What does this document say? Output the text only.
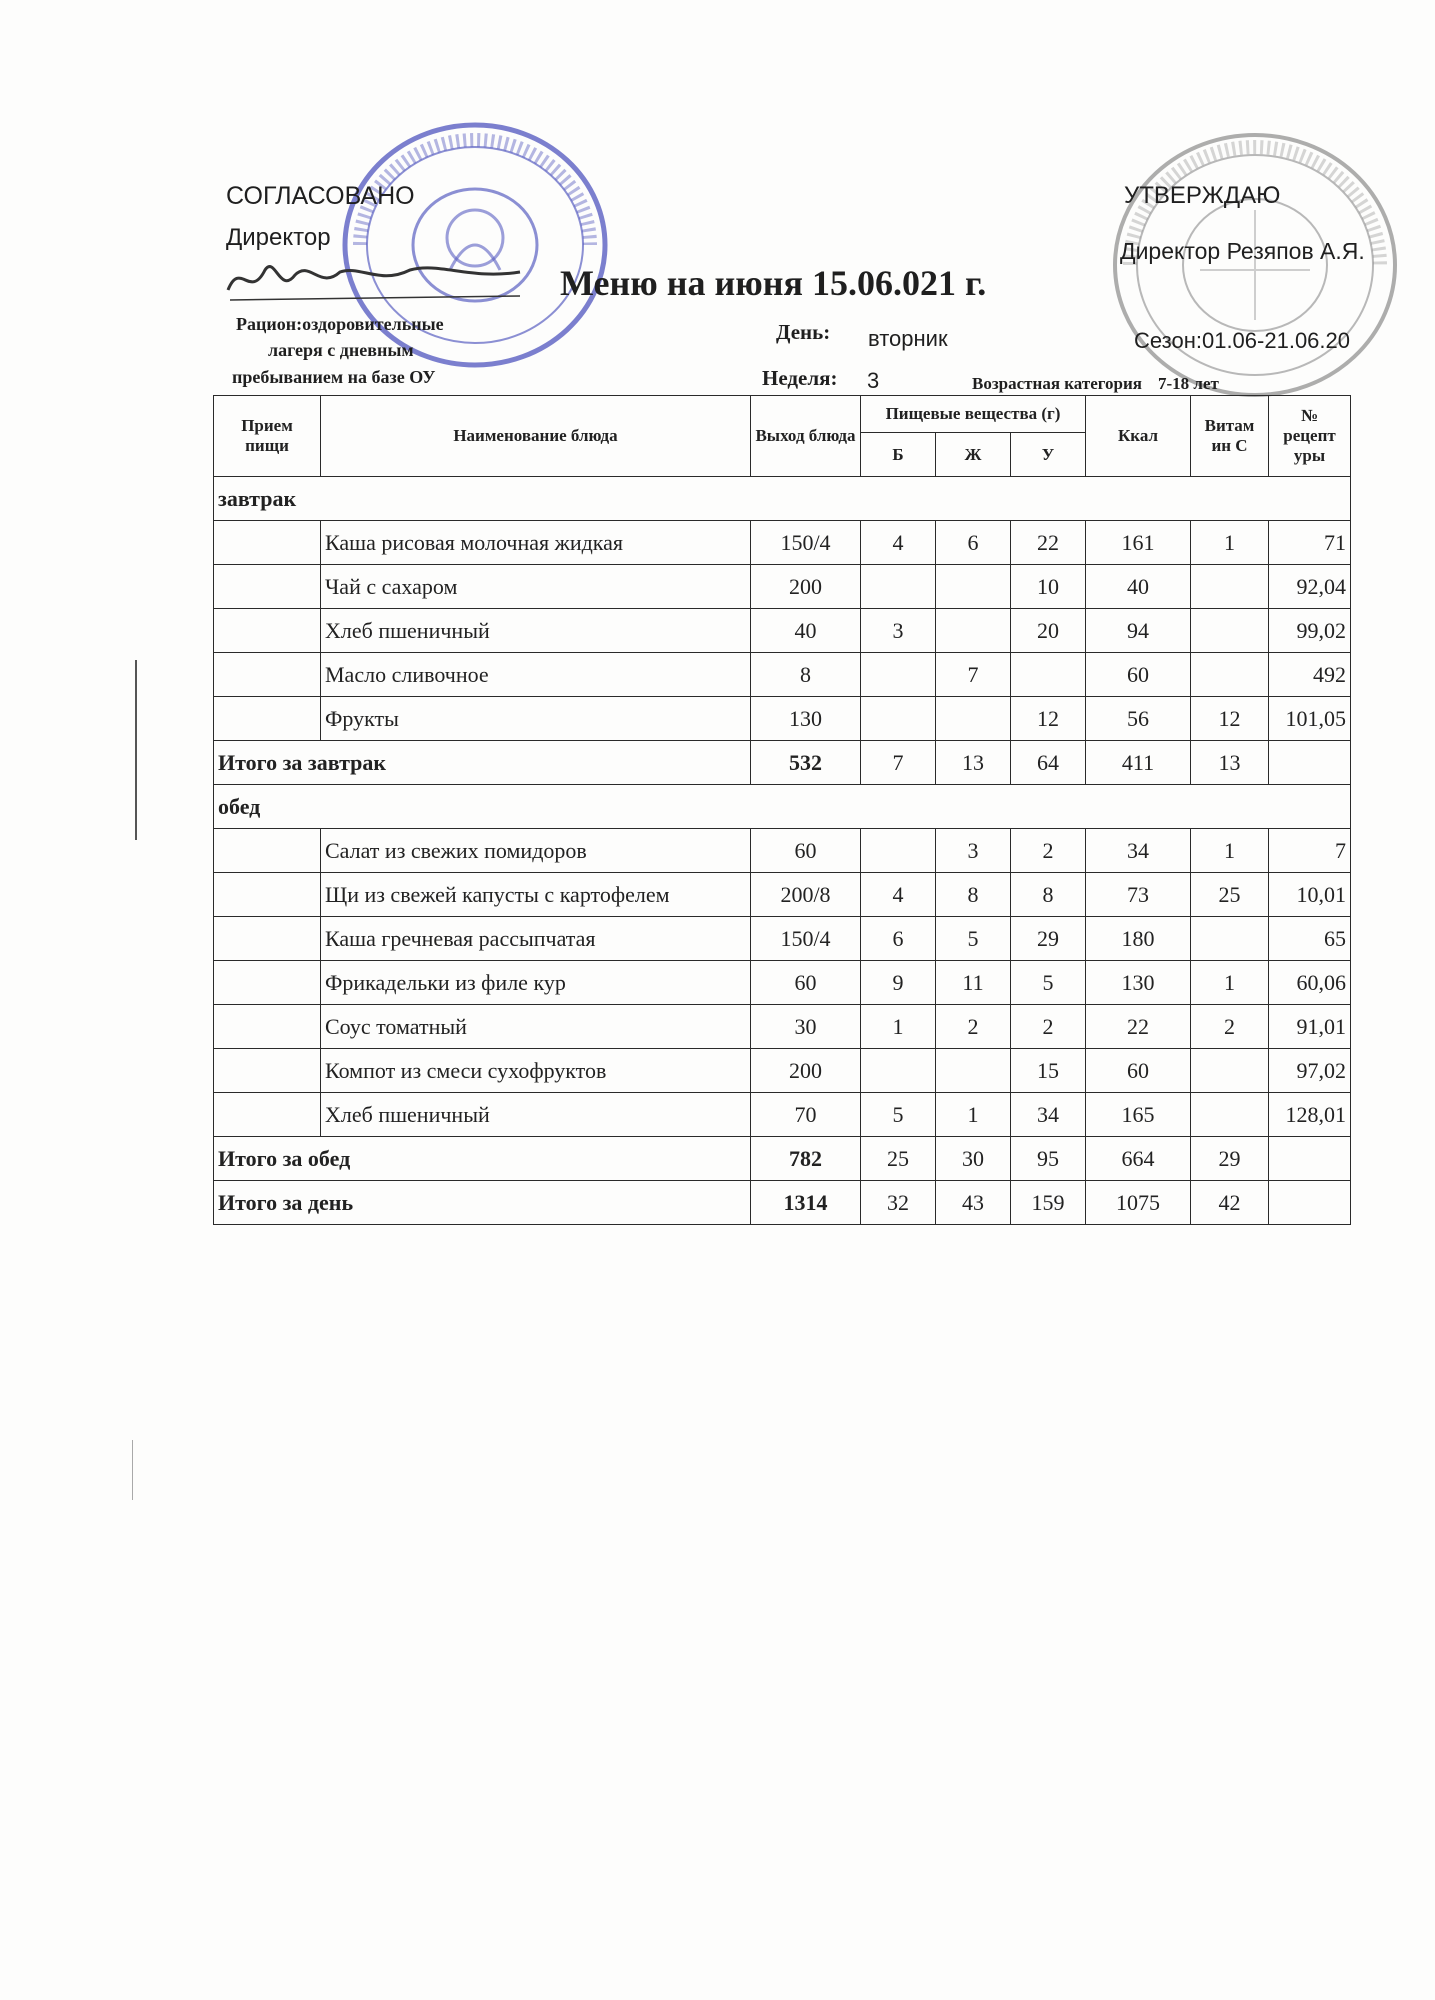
СОГЛАСОВАНО
Директор
УТВЕРЖДАЮ
Директор Резяпов А.Я.
Меню на июня 15.06.021 г.
Рацион:оздоровительные
лагеря с дневным
пребыванием на базе ОУ
День: вторник
Неделя: 3	Возрастная категория 7-18 лет
Сезон:01.06-21.06.20
Прием пищи	Наименование блюда	Выход блюда	Пищевые вещества (г)			Ккал	Витам ин С	№ рецепт уры
			Б	Ж	У			
завтрак								
	Каша рисовая молочная жидкая	150/4	4	6	22	161	1	71
	Чай с сахаром	200			10	40		92,04
	Хлеб пшеничный	40	3		20	94		99,02
	Масло сливочное	8		7		60		492
	Фрукты	130			12	56	12	101,05
Итого за завтрак		532	7	13	64	411	13	
обед								
	Салат из свежих помидоров	60		3	2	34	1	7
	Щи из свежей капусты с картофелем	200/8	4	8	8	73	25	10,01
	Каша гречневая рассыпчатая	150/4	6	5	29	180		65
	Фрикадельки из филе кур	60	9	11	5	130	1	60,06
	Соус томатный	30	1	2	2	22	2	91,01
	Компот из смеси сухофруктов	200			15	60		97,02
	Хлеб пшеничный	70	5	1	34	165		128,01
Итого за обед		782	25	30	95	664	29	
Итого за день		1314	32	43	159	1075	42	
